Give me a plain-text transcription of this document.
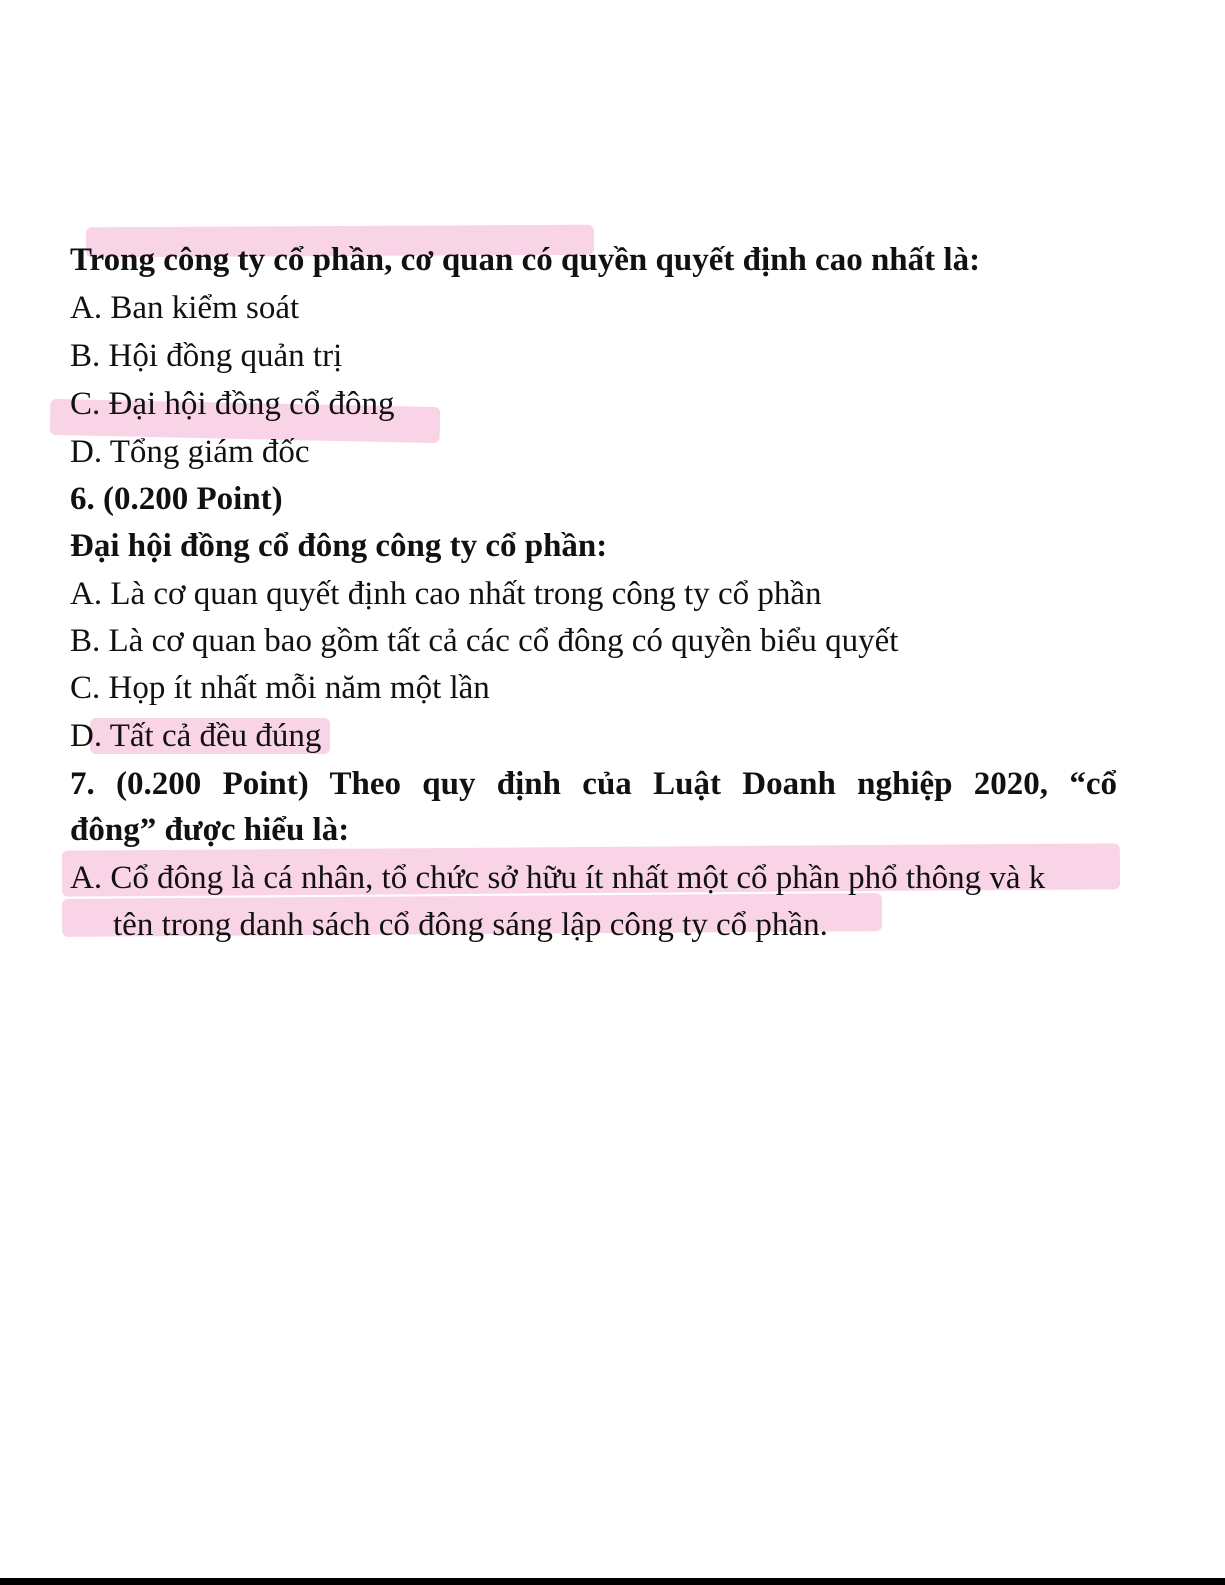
Trong công ty cổ phần, cơ quan có quyền quyết định cao nhất là:
A. Ban kiểm soát
B. Hội đồng quản trị
C. Đại hội đồng cổ đông
D. Tổng giám đốc
6. (0.200 Point)
Đại hội đồng cổ đông công ty cổ phần:
A. Là cơ quan quyết định cao nhất trong công ty cổ phần
B. Là cơ quan bao gồm tất cả các cổ đông có quyền biểu quyết
C. Họp ít nhất mỗi năm một lần
D. Tất cả đều đúng
7. (0.200 Point) Theo quy định của Luật Doanh nghiệp 2020, “cổ
đông” được hiểu là:
A. Cổ đông là cá nhân, tổ chức sở hữu ít nhất một cổ phần phổ thông và k
tên trong danh sách cổ đông sáng lập công ty cổ phần.
